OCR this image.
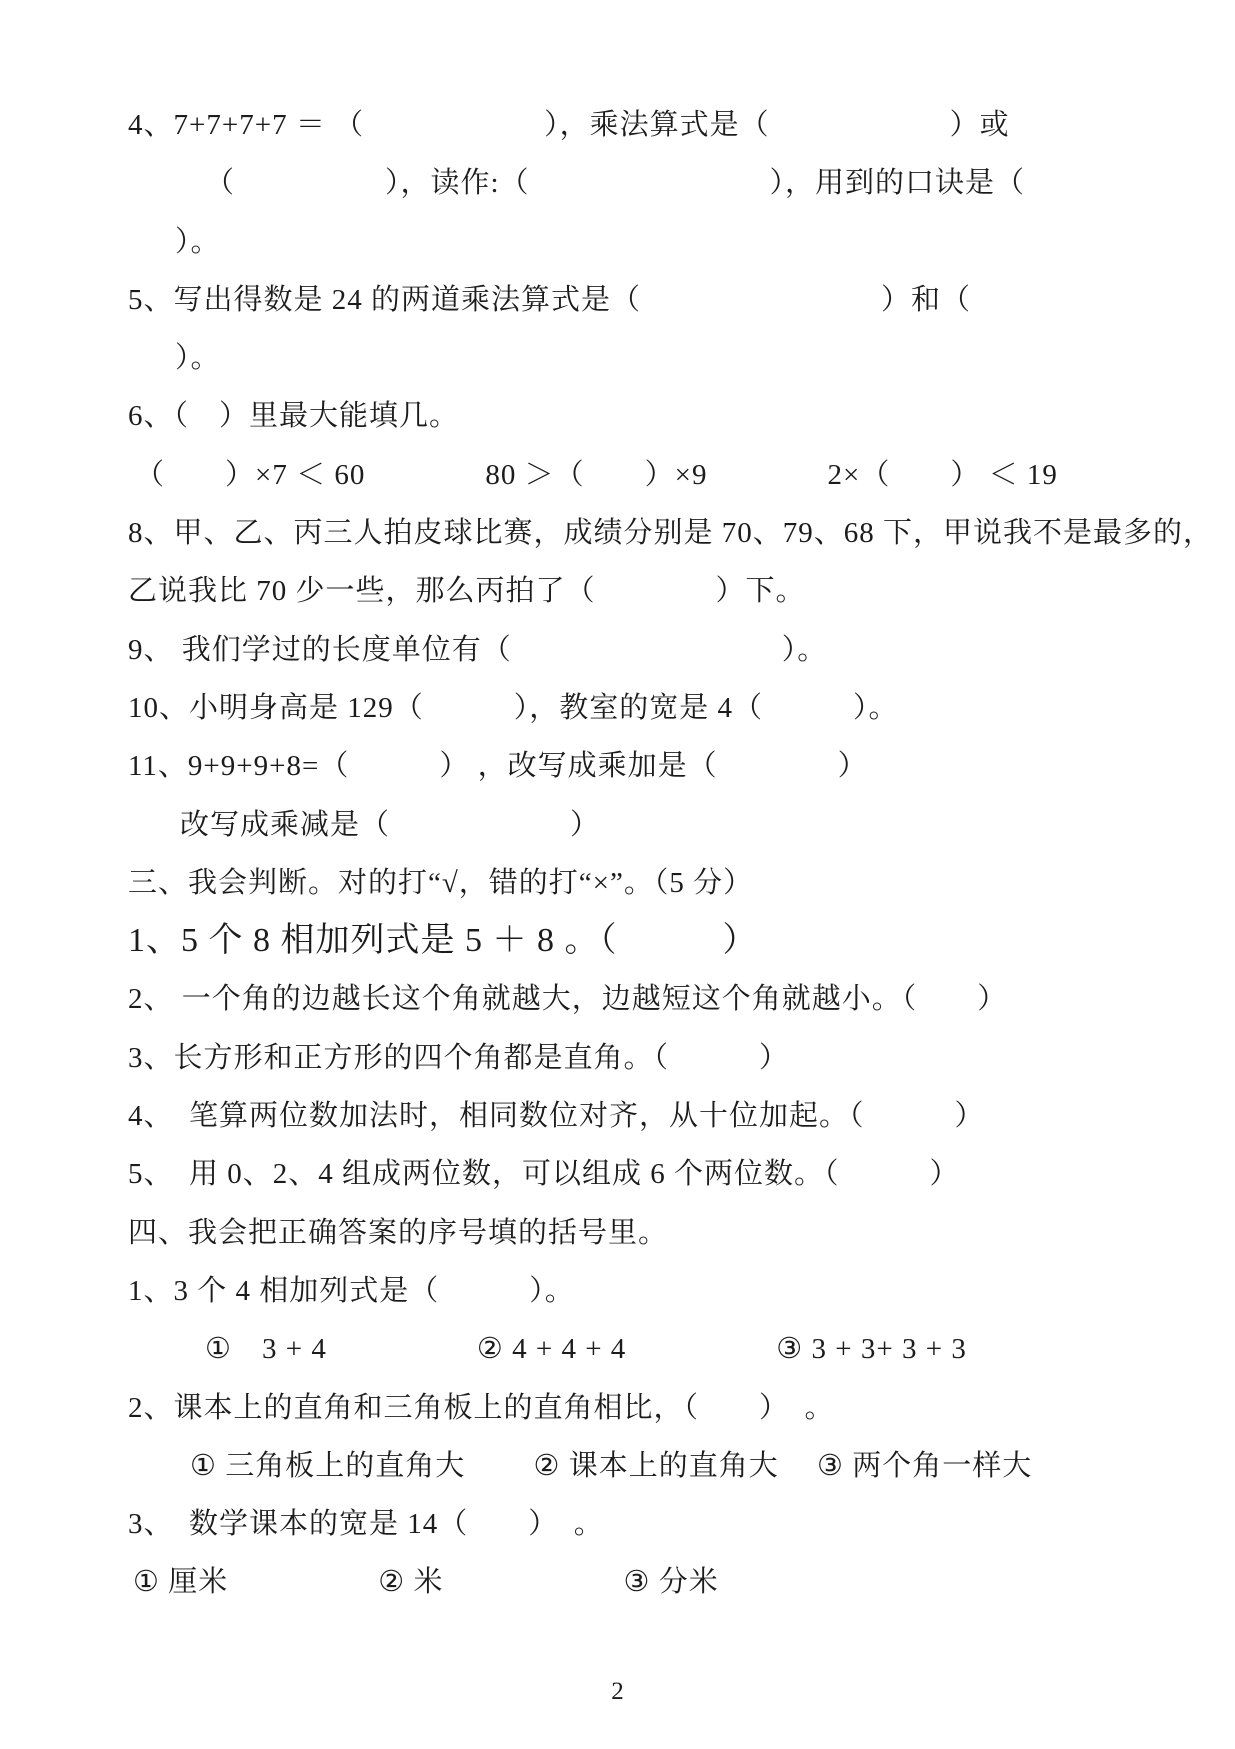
4、7+7+7+7 ＝ （　　　　　　），乘法算式是（　　　　　　）或
（　　　　　），读作:（　　　　　　　　），用到的口诀是（
）。
5、写出得数是 24 的两道乘法算式是（　　　　　　　　）和（
）。
6、（　）里最大能填几。
（　　）×7 ＜ 60　　　　80 ＞（　　）×9　　　　2×（　　） ＜ 19
8、甲、乙、丙三人拍皮球比赛，成绩分别是 70、79、68 下，甲说我不是最多的，
乙说我比 70 少一些，那么丙拍了（　　　　）下。
9、 我们学过的长度单位有（　　　　　　　　　）。
10、小明身高是 129（　　　），教室的宽是 4（　　　）。
11、9+9+9+8=（　　　） ，改写成乘加是（　　　　）
改写成乘减是（　　　　　　）
三、我会判断。对的打“√，错的打“×”。（5 分）
1、5 个 8 相加列式是 5 ＋ 8 。（　　　）
2、 一个角的边越长这个角就越大，边越短这个角就越小。（　　）
3、长方形和正方形的四个角都是直角。（　　　）
4、　笔算两位数加法时，相同数位对齐，从十位加起。（　　　）
5、　用 0、2、4 组成两位数，可以组成 6 个两位数。（　　　）
四、我会把正确答案的序号填的括号里。
1、3 个 4 相加列式是（　　　）。
①　3 + 4　　　　　② 4 + 4 + 4　　　　　③ 3 + 3+ 3 + 3
2、课本上的直角和三角板上的直角相比，（　　）　。
① 三角板上的直角大　　 ② 课本上的直角大　 ③ 两个角一样大
3、　数学课本的宽是 14（　　）　。
① 厘米　　　　　② 米　　　　　　③ 分米
2
